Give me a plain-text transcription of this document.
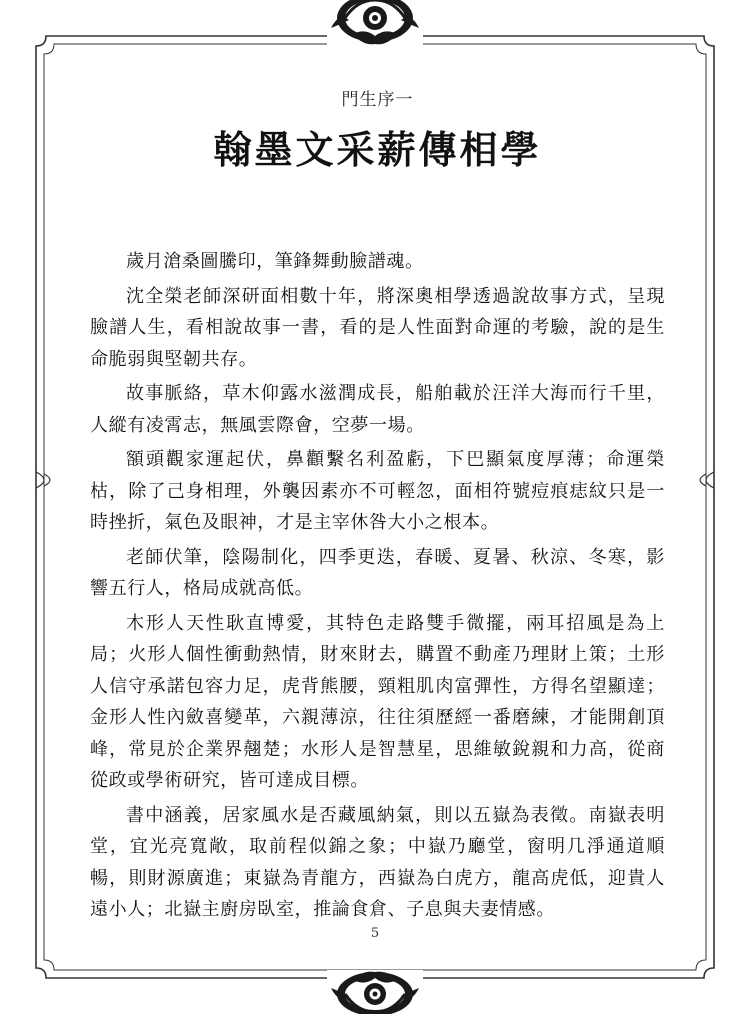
門生序一

翰墨文采薪傳相學

歲月滄桑圖騰印，筆鋒舞動臉譜魂。

沈全榮老師深研面相數十年，將深奧相學透過說故事方式，呈現臉譜人生，看相說故事一書，看的是人性面對命運的考驗，說的是生命脆弱與堅韌共存。

故事脈絡，草木仰露水滋潤成長，船舶載於汪洋大海而行千里，人縱有凌霄志，無風雲際會，空夢一場。

額頭觀家運起伏，鼻顴繫名利盈虧，下巴顯氣度厚薄；命運榮枯，除了己身相理，外襲因素亦不可輕忽，面相符號痘痕痣紋只是一時挫折，氣色及眼神，才是主宰休咎大小之根本。

老師伏筆，陰陽制化，四季更迭，春暖、夏暑、秋涼、冬寒，影響五行人，格局成就高低。

木形人天性耿直博愛，其特色走路雙手微擺，兩耳招風是為上局；火形人個性衝動熱情，財來財去，購置不動產乃理財上策；土形人信守承諾包容力足，虎背熊腰，頸粗肌肉富彈性，方得名望顯達；金形人性內斂喜變革，六親薄涼，往往須歷經一番磨練，才能開創頂峰，常見於企業界翹楚；水形人是智慧星，思維敏銳親和力高，從商從政或學術研究，皆可達成目標。

書中涵義，居家風水是否藏風納氣，則以五嶽為表徵。南嶽表明堂，宜光亮寬敞，取前程似錦之象；中嶽乃廳堂，窗明几淨通道順暢，則財源廣進；東嶽為青龍方，西嶽為白虎方，龍高虎低，迎貴人遠小人；北嶽主廚房臥室，推論食倉、子息與夫妻情感。

5
